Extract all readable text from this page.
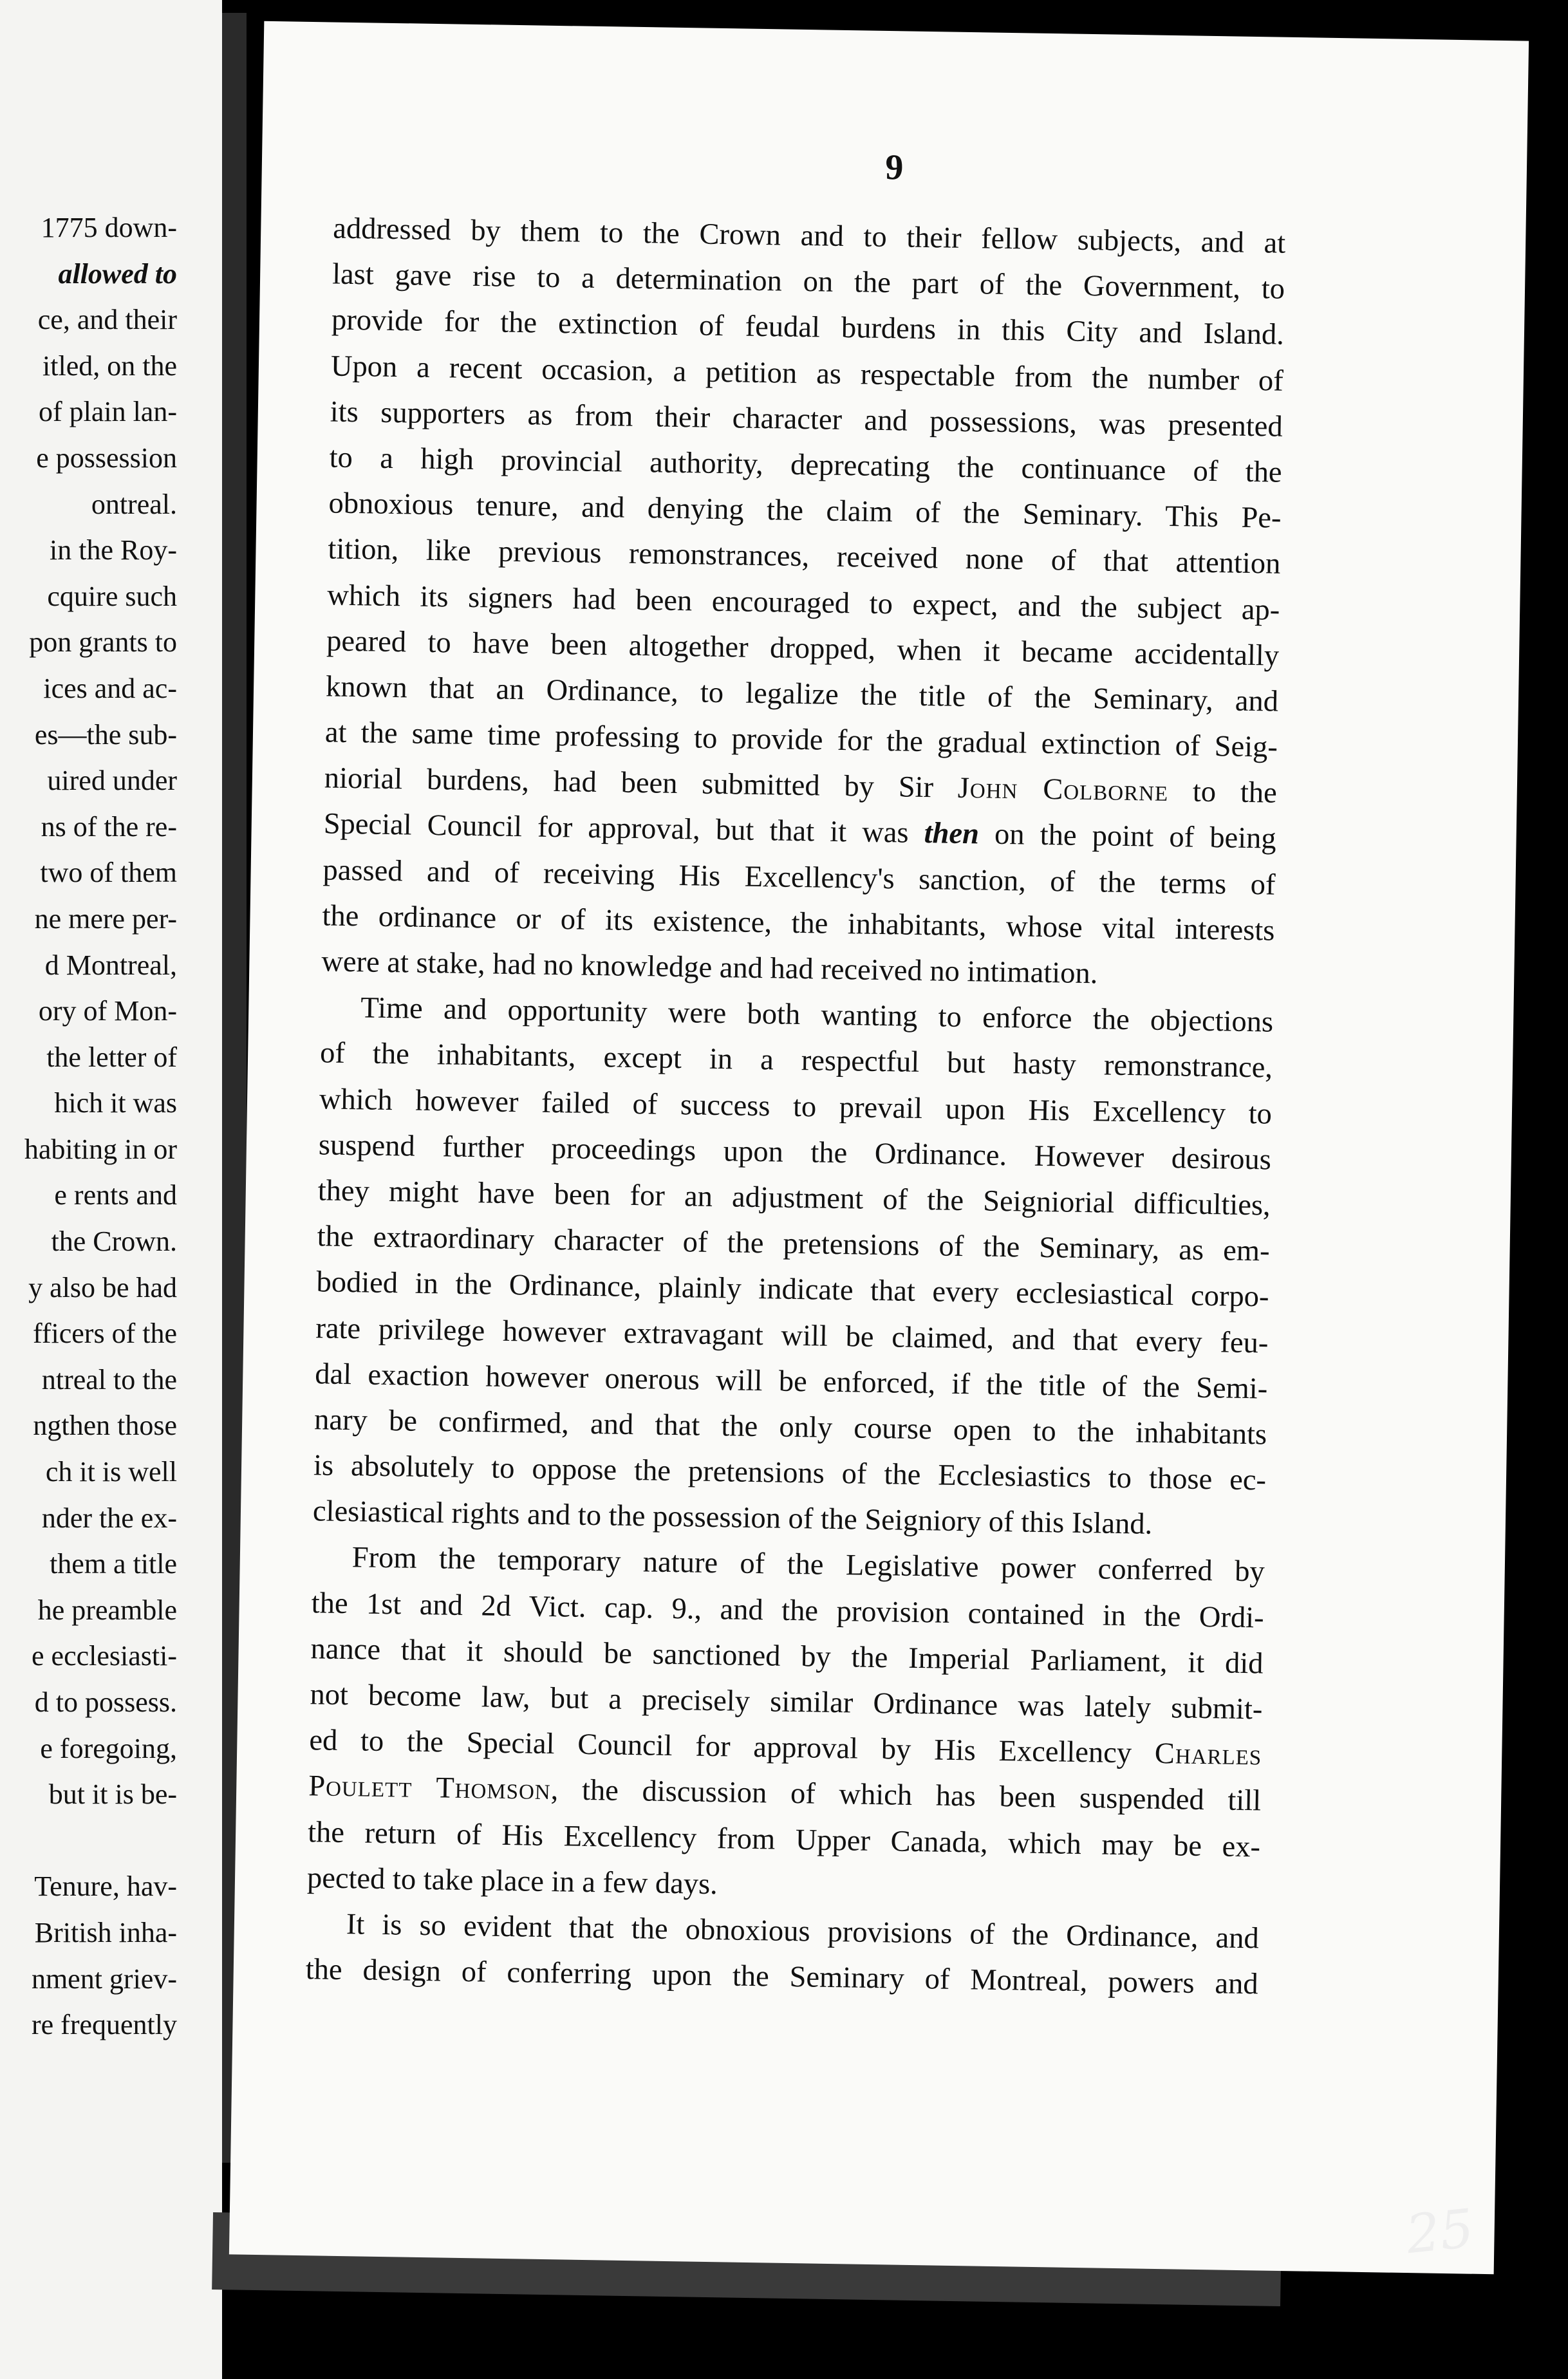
1775 down-
allowed to
ce, and their
itled, on the
of plain lan-
e possession
ontreal.
in the Roy-
cquire such
pon grants to
ices and ac-
es—the sub-
uired under
ns of the re-
two of them
ne mere per-
d Montreal,
ory of Mon-
the letter of
hich it was
habiting in or
e rents and
the Crown.
y also be had
fficers of the
ntreal to the
ngthen those
ch it is well
nder the ex-
them a title
he preamble
e ecclesiasti-
d to possess.
e foregoing,
but it is be-
Tenure, hav-
British inha-
nment griev-
re frequently
9
addressed by them to the Crown and to their fellow subjects, and at
last gave rise to a determination on the part of the Government, to
provide for the extinction of feudal burdens in this City and Island.
Upon a recent occasion, a petition as respectable from the number of
its supporters as from their character and possessions, was presented
to a high provincial authority, deprecating the continuance of the
obnoxious tenure, and denying the claim of the Seminary. This Pe-
tition, like previous remonstrances, received none of that attention
which its signers had been encouraged to expect, and the subject ap-
peared to have been altogether dropped, when it became accidentally
known that an Ordinance, to legalize the title of the Seminary, and
at the same time professing to provide for the gradual extinction of Seig-
niorial burdens, had been submitted by Sir John Colborne to the
Special Council for approval, but that it was then on the point of being
passed and of receiving His Excellency's sanction, of the terms of
the ordinance or of its existence, the inhabitants, whose vital interests
were at stake, had no knowledge and had received no intimation.
Time and opportunity were both wanting to enforce the objections
of the inhabitants, except in a respectful but hasty remonstrance,
which however failed of success to prevail upon His Excellency to
suspend further proceedings upon the Ordinance. However desirous
they might have been for an adjustment of the Seigniorial difficulties,
the extraordinary character of the pretensions of the Seminary, as em-
bodied in the Ordinance, plainly indicate that every ecclesiastical corpo-
rate privilege however extravagant will be claimed, and that every feu-
dal exaction however onerous will be enforced, if the title of the Semi-
nary be confirmed, and that the only course open to the inhabitants
is absolutely to oppose the pretensions of the Ecclesiastics to those ec-
clesiastical rights and to the possession of the Seigniory of this Island.
From the temporary nature of the Legislative power conferred by
the 1st and 2d Vict. cap. 9., and the provision contained in the Ordi-
nance that it should be sanctioned by the Imperial Parliament, it did
not become law, but a precisely similar Ordinance was lately submit-
ed to the Special Council for approval by His Excellency Charles
Poulett Thomson, the discussion of which has been suspended till
the return of His Excellency from Upper Canada, which may be ex-
pected to take place in a few days.
It is so evident that the obnoxious provisions of the Ordinance, and
the design of conferring upon the Seminary of Montreal, powers and
25
